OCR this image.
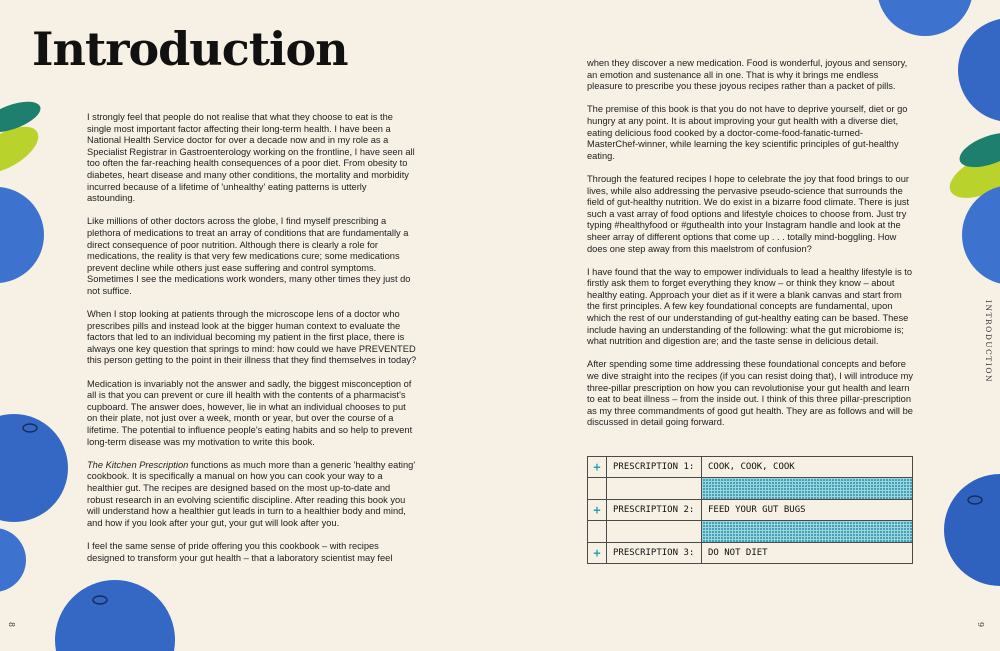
Introduction

I strongly feel that people do not realise that what they choose to eat is the single most important factor affecting their long-term health. I have been a National Health Service doctor for over a decade now and in my role as a Specialist Registrar in Gastroenterology working on the frontline, I have seen all too often the far-reaching health consequences of a poor diet. From obesity to diabetes, heart disease and many other conditions, the mortality and morbidity incurred because of a lifetime of 'unhealthy' eating patterns is utterly astounding.

Like millions of other doctors across the globe, I find myself prescribing a plethora of medications to treat an array of conditions that are fundamentally a direct consequence of poor nutrition. Although there is clearly a role for medications, the reality is that very few medications cure; some medications prevent decline while others just ease suffering and control symptoms. Sometimes I see the medications work wonders, many other times they just do not suffice.

When I stop looking at patients through the microscope lens of a doctor who prescribes pills and instead look at the bigger human context to evaluate the factors that led to an individual becoming my patient in the first place, there is always one key question that springs to mind: how could we have PREVENTED this person getting to the point in their illness that they find themselves in today?

Medication is invariably not the answer and sadly, the biggest misconception of all is that you can prevent or cure ill health with the contents of a pharmacist's cupboard. The answer does, however, lie in what an individual chooses to put on their plate, not just over a week, month or year, but over the course of a lifetime. The potential to influence people's eating habits and so help to prevent long-term disease was my motivation to write this book.

The Kitchen Prescription functions as much more than a generic 'healthy eating' cookbook. It is specifically a manual on how you can cook your way to a healthier gut. The recipes are designed based on the most up-to-date and robust research in an evolving scientific discipline. After reading this book you will understand how a healthier gut leads in turn to a healthier body and mind, and how if you look after your gut, your gut will look after you.

I feel the same sense of pride offering you this cookbook – with recipes designed to transform your gut health – that a laboratory scientist may feel

when they discover a new medication. Food is wonderful, joyous and sensory, an emotion and sustenance all in one. That is why it brings me endless pleasure to prescribe you these joyous recipes rather than a packet of pills.

The premise of this book is that you do not have to deprive yourself, diet or go hungry at any point. It is about improving your gut health with a diverse diet, eating delicious food cooked by a doctor-come-food-fanatic-turned-MasterChef-winner, while learning the key scientific principles of gut-healthy eating.

Through the featured recipes I hope to celebrate the joy that food brings to our lives, while also addressing the pervasive pseudo-science that surrounds the field of gut-healthy nutrition. We do exist in a bizarre food climate. There is just such a vast array of food options and lifestyle choices to choose from. Just try typing #healthyfood or #guthealth into your Instagram handle and look at the sheer array of different options that come up . . . totally mind-boggling. How does one step away from this maelstrom of confusion?

I have found that the way to empower individuals to lead a healthy lifestyle is to firstly ask them to forget everything they know – or think they know – about healthy eating. Approach your diet as if it were a blank canvas and start from the first principles. A few key foundational concepts are fundamental, upon which the rest of our understanding of gut-healthy eating can be based. These include having an understanding of the following: what the gut microbiome is; what nutrition and digestion are; and the taste sense in delicious detail.

After spending some time addressing these foundational concepts and before we dive straight into the recipes (if you can resist doing that), I will introduce my three-pillar prescription on how you can revolutionise your gut health and learn to eat to beat illness – from the inside out. I think of this three pillar-prescription as my three commandments of good gut health. They are as follows and will be discussed in detail going forward.

+	PRESCRIPTION 1:	COOK, COOK, COOK

+	PRESCRIPTION 2:	FEED YOUR GUT BUGS

+	PRESCRIPTION 3:	DO NOT DIET
INTRODUCTION
8	9
